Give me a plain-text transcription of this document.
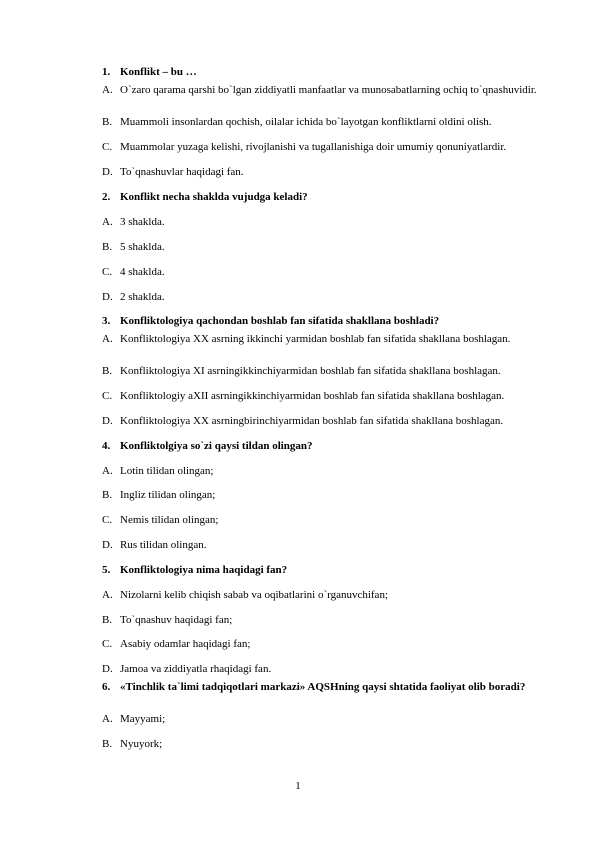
1. Konflikt – bu …
A. O`zaro qarama qarshi bo`lgan ziddiyatli manfaatlar va munosabatlarning ochiq to`qnashuvidir.
B. Muammoli insonlardan qochish, oilalar ichida bo`layotgan konfliktlarni oldini olish.
C. Muammolar yuzaga kelishi, rivojlanishi va tugallanishiga doir umumiy qonuniyatlardir.
D. To`qnashuvlar haqidagi fan.
2. Konflikt necha shaklda vujudga keladi?
A. 3 shaklda.
B. 5 shaklda.
C. 4 shaklda.
D. 2 shaklda.
3. Konfliktologiya qachondan boshlab fan sifatida shakllana boshladi?
A. Konfliktologiya XX asrning ikkinchi yarmidan boshlab fan sifatida shakllana boshlagan.
B. Konfliktologiya XI asrningikkinchiyarmidan boshlab fan sifatida shakllana boshlagan.
C. Konfliktologiy aXII asrningikkinchiyarmidan boshlab fan sifatida shakllana boshlagan.
D. Konfliktologiya XX asrningbirinchiyarmidan boshlab fan sifatida shakllana boshlagan.
4. Konfliktolgiya so`zi qaysi tildan olingan?
A. Lotin tilidan olingan;
B. Ingliz tilidan olingan;
C. Nemis tilidan olingan;
D. Rus tilidan olingan.
5. Konfliktologiya nima haqidagi fan?
A. Nizolarni kelib chiqish sabab va oqibatlarini o`rganuvchifan;
B. To`qnashuv haqidagi fan;
C. Asabiy odamlar haqidagi fan;
D. Jamoa va ziddiyatla rhaqidagi fan.
6. «Tinchlik ta`limi tadqiqotlari markazi» AQSHning qaysi shtatida faoliyat olib boradi?
A. Mayyami;
B. Nyuyork;
1
